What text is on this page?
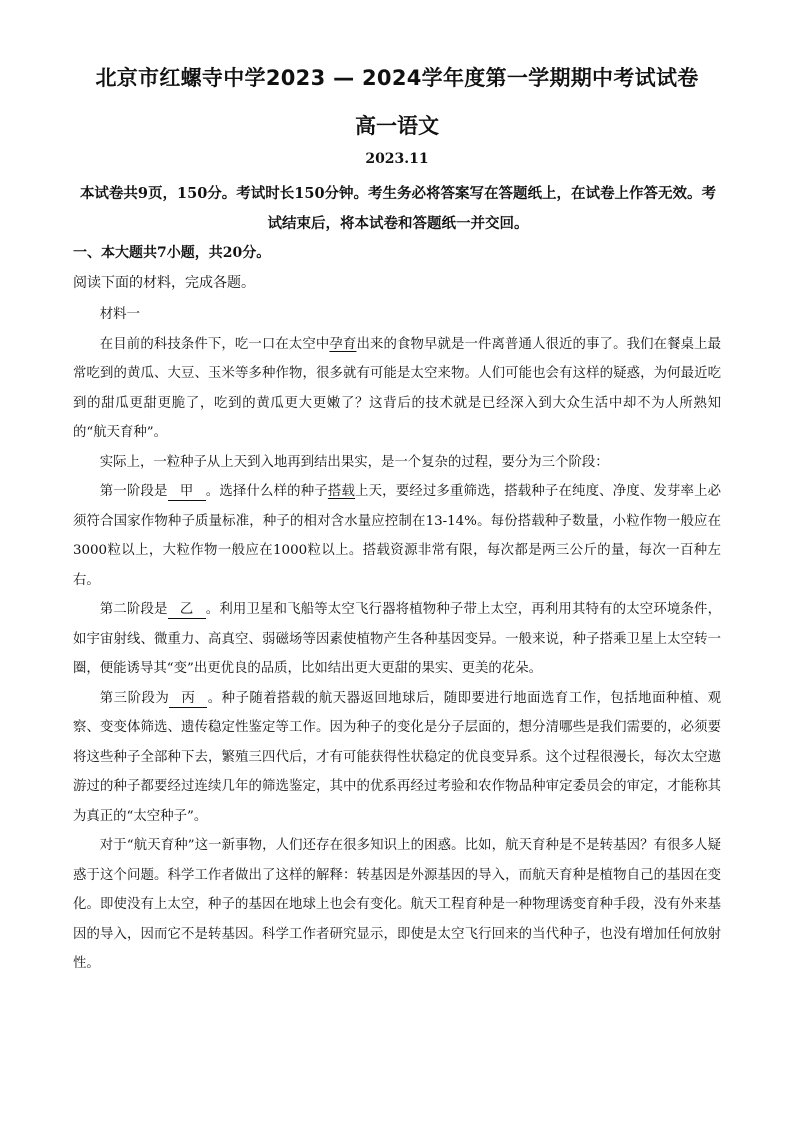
北京市红螺寺中学2023 — 2024学年度第一学期期中考试试卷
高一语文
2023.11
本试卷共9页，150分。考试时长150分钟。考生务必将答案写在答题纸上，在试卷上作答无效。考试结束后，将本试卷和答题纸一并交回。
一、本大题共7小题，共20分。
阅读下面的材料，完成各题。

材料一

在目前的科技条件下，吃一口在太空中孕育出来的食物早就是一件离普通人很近的事了。我们在餐桌上最常吃到的黄瓜、大豆、玉米等多种作物，很多就有可能是太空来物。人们可能也会有这样的疑惑，为何最近吃到的甜瓜更甜更脆了，吃到的黄瓜更大更嫩了？这背后的技术就是已经深入到大众生活中却不为人所熟知的“航天育种”。

实际上，一粒种子从上天到入地再到结出果实，是一个复杂的过程，要分为三个阶段：

第一阶段是 甲 。选择什么样的种子搭载上天，要经过多重筛选，搭载种子在纯度、净度、发芽率上必须符合国家作物种子质量标准，种子的相对含水量应控制在13-14%。每份搭载种子数量，小粒作物一般应在3000粒以上，大粒作物一般应在1000粒以上。搭载资源非常有限，每次都是两三公斤的量，每次一百种左右。

第二阶段是 乙 。利用卫星和飞船等太空飞行器将植物种子带上太空，再利用其特有的太空环境条件，如宇宙射线、微重力、高真空、弱磁场等因素使植物产生各种基因变异。一般来说，种子搭乘卫星上太空转一圈，便能诱导其“变”出更优良的品质，比如结出更大更甜的果实、更美的花朵。

第三阶段为 丙 。种子随着搭载的航天器返回地球后，随即要进行地面选育工作，包括地面种植、观察、变变体筛选、遗传稳定性鉴定等工作。因为种子的变化是分子层面的，想分清哪些是我们需要的，必须要将这些种子全部种下去，繁殖三四代后，才有可能获得性状稳定的优良变异系。这个过程很漫长，每次太空遨游过的种子都要经过连续几年的筛选鉴定，其中的优系再经过考验和农作物品种审定委员会的审定，才能称其为真正的“太空种子”。

对于“航天育种”这一新事物，人们还存在很多知识上的困惑。比如，航天育种是不是转基因？有很多人疑惑于这个问题。科学工作者做出了这样的解释：转基因是外源基因的导入，而航天育种是植物自己的基因在变化。即使没有上太空，种子的基因在地球上也会有变化。航天工程育种是一种物理诱变育种手段，没有外来基因的导入，因而它不是转基因。科学工作者研究显示，即使是太空飞行回来的当代种子，也没有增加任何放射性。
